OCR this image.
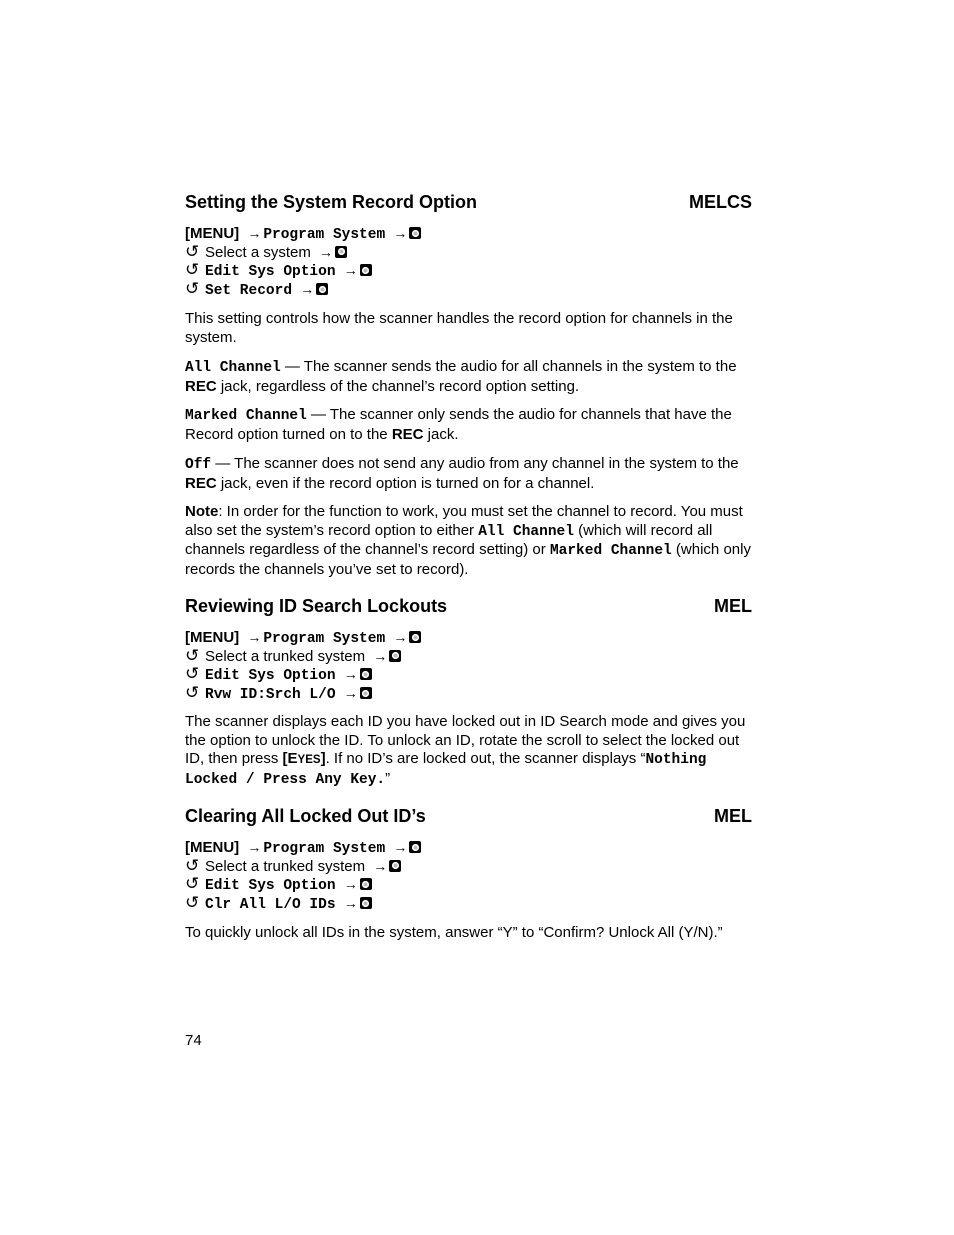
Setting the System Record Option	MELCS
[MENU] → Program System →
↺ Select a system →
↺ Edit Sys Option →
↺ Set Record →

This setting controls how the scanner handles the record option for channels in the system.

All Channel — The scanner sends the audio for all channels in the system to the REC jack, regardless of the channel’s record option setting.

Marked Channel — The scanner only sends the audio for channels that have the Record option turned on to the REC jack.

Off — The scanner does not send any audio from any channel in the system to the REC jack, even if the record option is turned on for a channel.

Note: In order for the function to work, you must set the channel to record. You must also set the system’s record option to either All Channel (which will record all channels regardless of the channel’s record setting) or Marked Channel (which only records the channels you’ve set to record).

Reviewing ID Search Lockouts	MEL
[MENU] → Program System →
↺ Select a trunked system →
↺ Edit Sys Option →
↺ Rvw ID:Srch L/O →

The scanner displays each ID you have locked out in ID Search mode and gives you the option to unlock the ID. To unlock an ID, rotate the scroll to select the locked out ID, then press [EYES]. If no ID’s are locked out, the scanner displays “Nothing Locked / Press Any Key.”

Clearing All Locked Out ID’s	MEL
[MENU] → Program System →
↺ Select a trunked system →
↺ Edit Sys Option →
↺ Clr All L/O IDs →

To quickly unlock all IDs in the system, answer “Y” to “Confirm? Unlock All (Y/N).”

74
